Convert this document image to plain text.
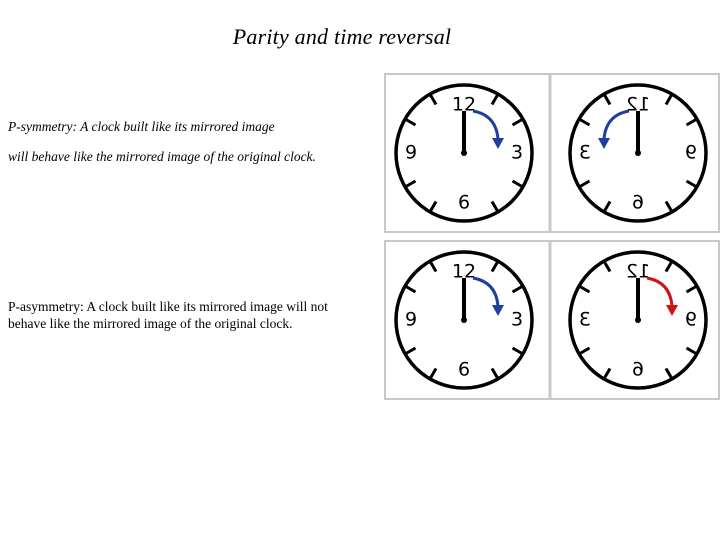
Parity and time reversal
P-symmetry: A clock built like its mirrored image
will behave like the mirrored image of the original clock.
P-asymmetry: A clock built like its mirrored image will not
behave like the mirrored image of the original clock.
12
3
6
9
12
3
6
9
12
3
6
9
12
3
6
9
